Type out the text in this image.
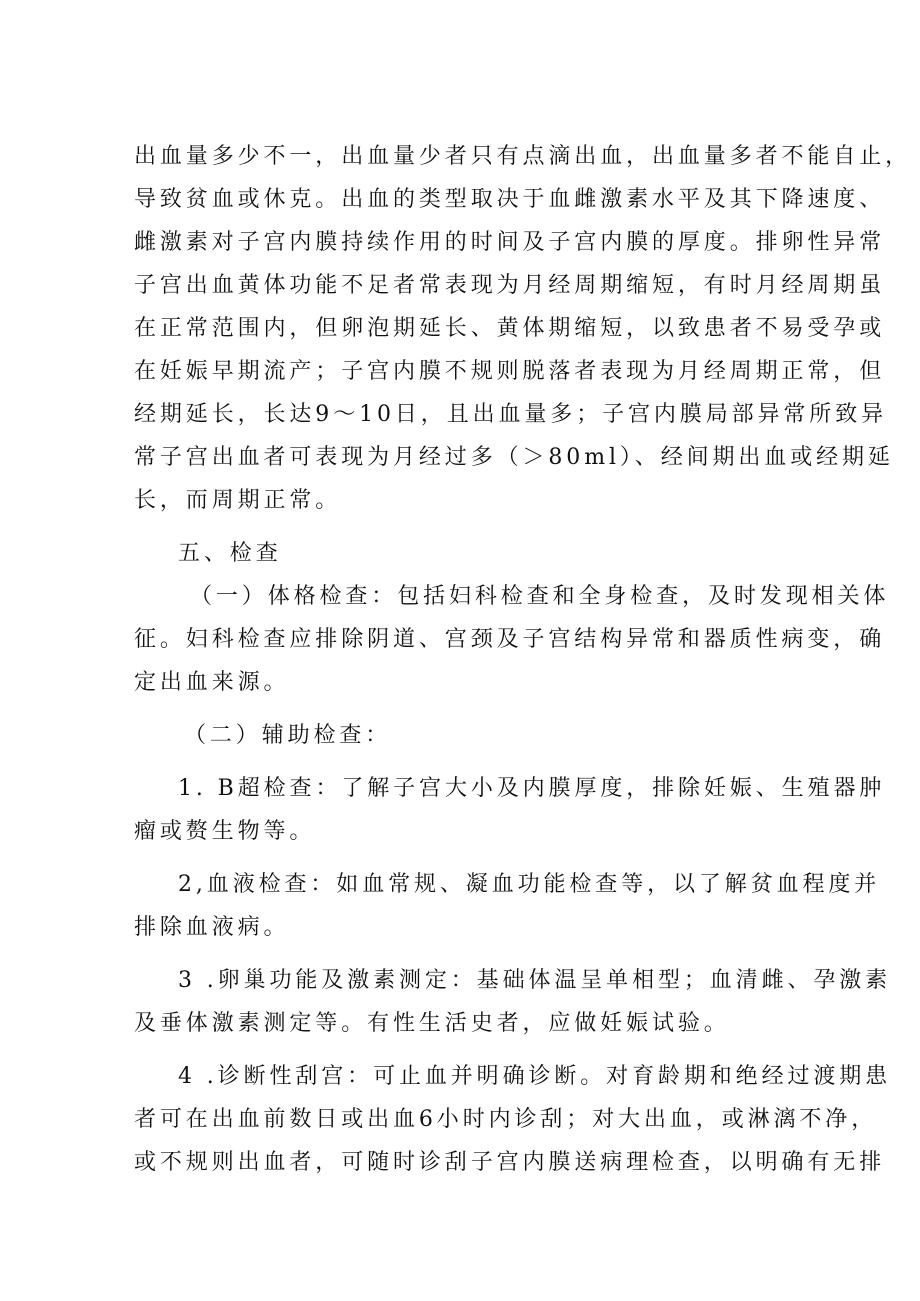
出血量多少不一，出血量少者只有点滴出血，出血量多者不能自止，
导致贫血或休克。出血的类型取决于血雌激素水平及其下降速度、
雌激素对子宫内膜持续作用的时间及子宫内膜的厚度。排卵性异常
子宫出血黄体功能不足者常表现为月经周期缩短，有时月经周期虽
在正常范围内，但卵泡期延长、黄体期缩短，以致患者不易受孕或
在妊娠早期流产；子宫内膜不规则脱落者表现为月经周期正常，但
经期延长，长达9～10日，且出血量多；子宫内膜局部异常所致异
常子宫出血者可表现为月经过多（＞80ml）、经间期出血或经期延
长，而周期正常。
五、检查
（一）体格检查：包括妇科检查和全身检查，及时发现相关体
征。妇科检查应排除阴道、宫颈及子宫结构异常和器质性病变，确
定出血来源。
（二）辅助检查：
1. B超检查：了解子宫大小及内膜厚度，排除妊娠、生殖器肿
瘤或赘生物等。
2,血液检查：如血常规、凝血功能检查等，以了解贫血程度并
排除血液病。
3 .卵巢功能及激素测定：基础体温呈单相型；血清雌、孕激素
及垂体激素测定等。有性生活史者，应做妊娠试验。
4 .诊断性刮宫：可止血并明确诊断。对育龄期和绝经过渡期患
者可在出血前数日或出血6小时内诊刮；对大出血，或淋漓不净，
或不规则出血者，可随时诊刮子宫内膜送病理检查，以明确有无排
